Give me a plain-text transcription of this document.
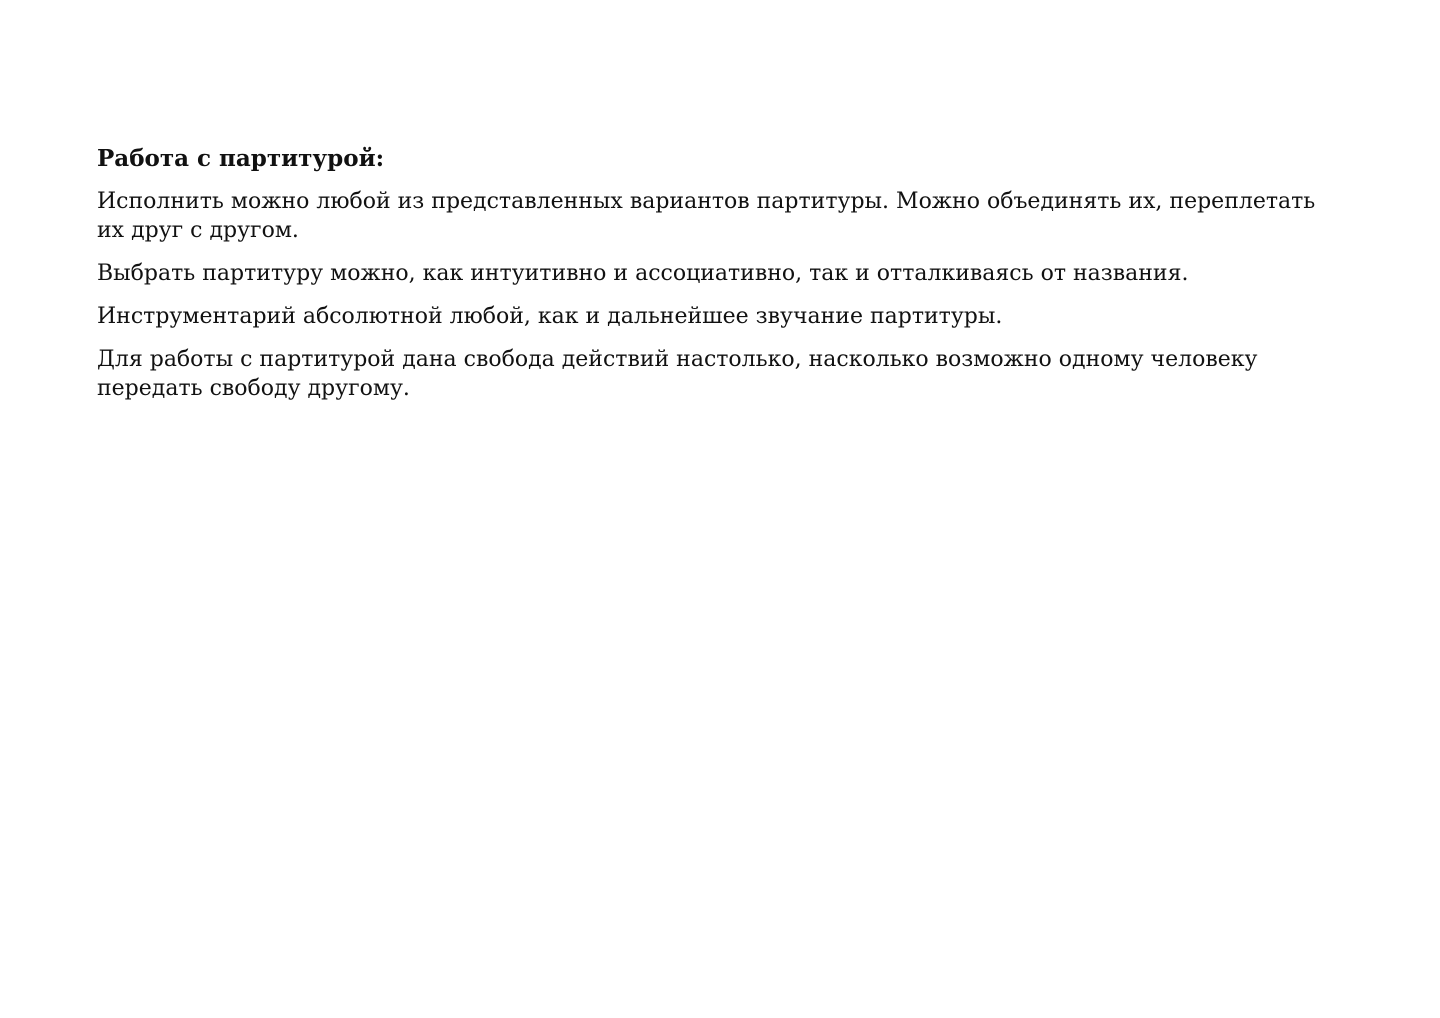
Работа с партитурой:

Исполнить можно любой из представленных вариантов партитуры. Можно объединять их, переплетать их друг с другом.

Выбрать партитуру можно, как интуитивно и ассоциативно, так и отталкиваясь от названия.

Инструментарий абсолютной любой, как и дальнейшее звучание партитуры.

Для работы с партитурой дана свобода действий настолько, насколько возможно одному человеку передать свободу другому.
